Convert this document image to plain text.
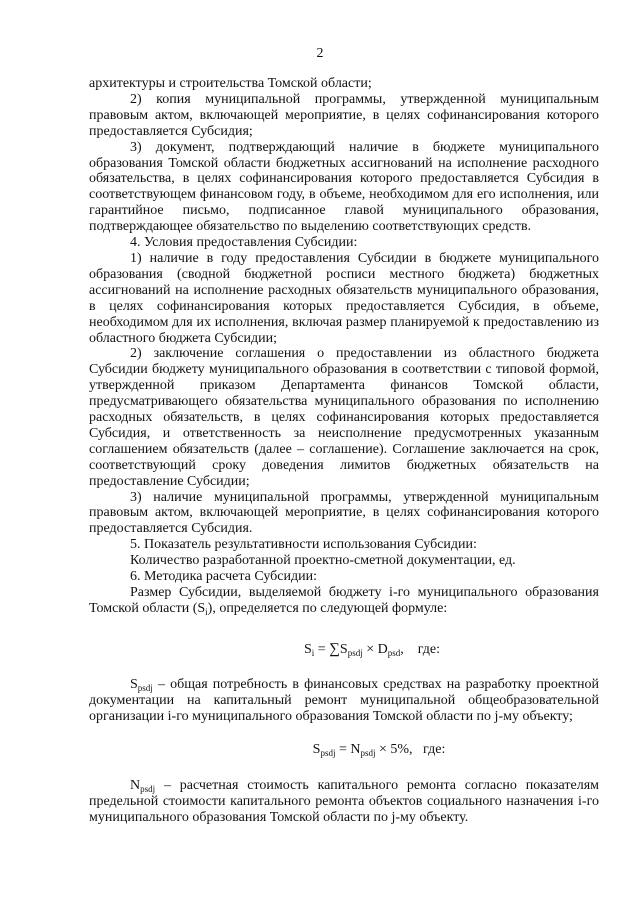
2

архитектуры и строительства Томской области;

2) копия муниципальной программы, утвержденной муниципальным правовым актом, включающей мероприятие, в целях софинансирования которого предоставляется Субсидия;

3) документ, подтверждающий наличие в бюджете муниципального образования Томской области бюджетных ассигнований на исполнение расходного обязательства, в целях софинансирования которого предоставляется Субсидия в соответствующем финансовом году, в объеме, необходимом для его исполнения, или гарантийное письмо, подписанное главой муниципального образования, подтверждающее обязательство по выделению соответствующих средств.

4. Условия предоставления Субсидии:

1) наличие в году предоставления Субсидии в бюджете муниципального образования (сводной бюджетной росписи местного бюджета) бюджетных ассигнований на исполнение расходных обязательств муниципального образования, в целях софинансирования которых предоставляется Субсидия, в объеме, необходимом для их исполнения, включая размер планируемой к предоставлению из областного бюджета Субсидии;

2) заключение соглашения о предоставлении из областного бюджета Субсидии бюджету муниципального образования в соответствии с типовой формой, утвержденной приказом Департамента финансов Томской области, предусматривающего обязательства муниципального образования по исполнению расходных обязательств, в целях софинансирования которых предоставляется Субсидия, и ответственность за неисполнение предусмотренных указанным соглашением обязательств (далее – соглашение). Соглашение заключается на срок, соответствующий сроку доведения лимитов бюджетных обязательств на предоставление Субсидии;

3) наличие муниципальной программы, утвержденной муниципальным правовым актом, включающей мероприятие, в целях софинансирования которого предоставляется Субсидия.

5. Показатель результативности использования Субсидии:

Количество разработанной проектно-сметной документации, ед.

6. Методика расчета Субсидии:

Размер Субсидии, выделяемой бюджету i-го муниципального образования Томской области $(S_i)$, определяется по следующей формуле:

$S_i = \sum S_{psdj} \times D_{psd}$,    где:

$S_{psdj}$ – общая потребность в финансовых средствах на разработку проектной документации на капитальный ремонт муниципальной общеобразовательной организации i-го муниципального образования Томской области по j-му объекту;

$S_{psdj} = N_{psdj} \times 5\%$,   где:

$N_{psdj}$ – расчетная стоимость капитального ремонта согласно показателям предельной стоимости капитального ремонта объектов социального назначения i-го муниципального образования Томской области по j-му объекту.
